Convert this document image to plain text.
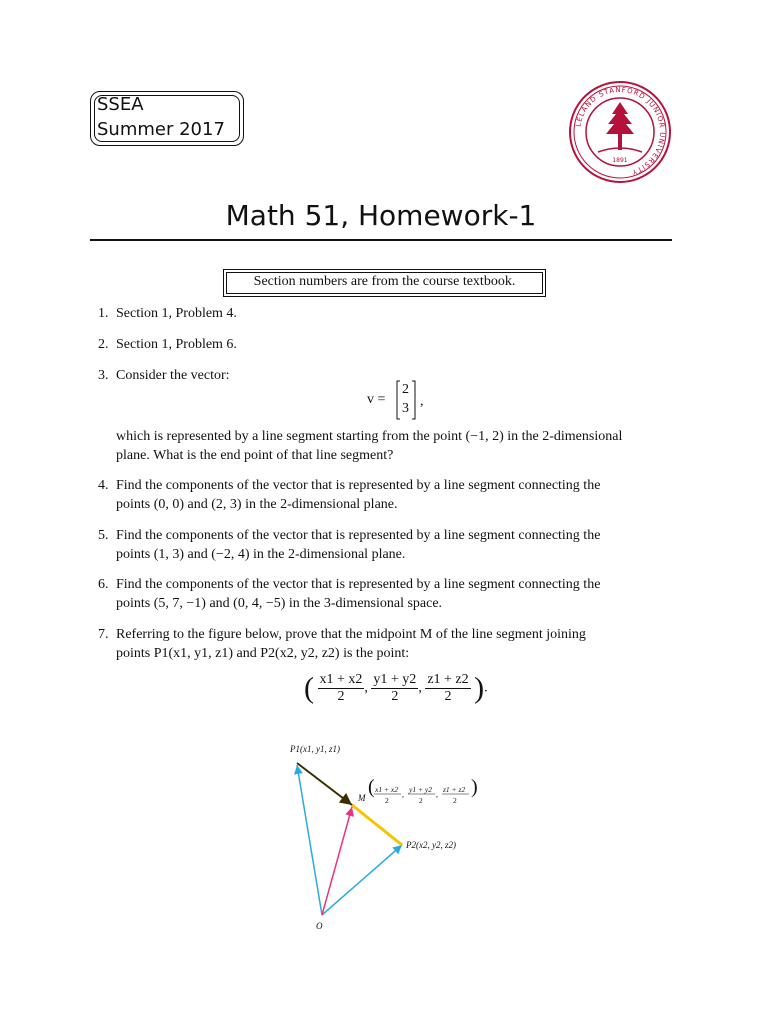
SSEA
Summer 2017	LELAND STANFORD JUNIOR UNIVERSITY
1891
Math 51, Homework-1
Section numbers are from the course textbook.
1. Section 1, Problem 4.
2. Section 1, Problem 6.
3. Consider the vector:
v =
2
3 ,
which is represented by a line segment starting from the point (−1, 2) in the 2-dimensional
plane. What is the end point of that line segment?
4. Find the components of the vector that is represented by a line segment connecting the
points (0, 0) and (2, 3) in the 2-dimensional plane.
5. Find the components of the vector that is represented by a line segment connecting the
points (1, 3) and (−2, 4) in the 2-dimensional plane.
6. Find the components of the vector that is represented by a line segment connecting the
points (5, 7, −1) and (0, 4, −5) in the 3-dimensional space.
7. Referring to the figure below, prove that the midpoint M of the line segment joining
points P1(x1, y1, z1) and P2(x2, y2, z2) is the point:
( $\frac{x1 + x2}{2}$ , $\frac{y1 + y2}{2}$ , $\frac{z1 + z2}{2}$ ).
P1(x1, y1, z1)
P2(x2, y2, z2)
O
M ( x1 + x2
2
,
y1 + y2
2
,
z1 + z2
2
)
